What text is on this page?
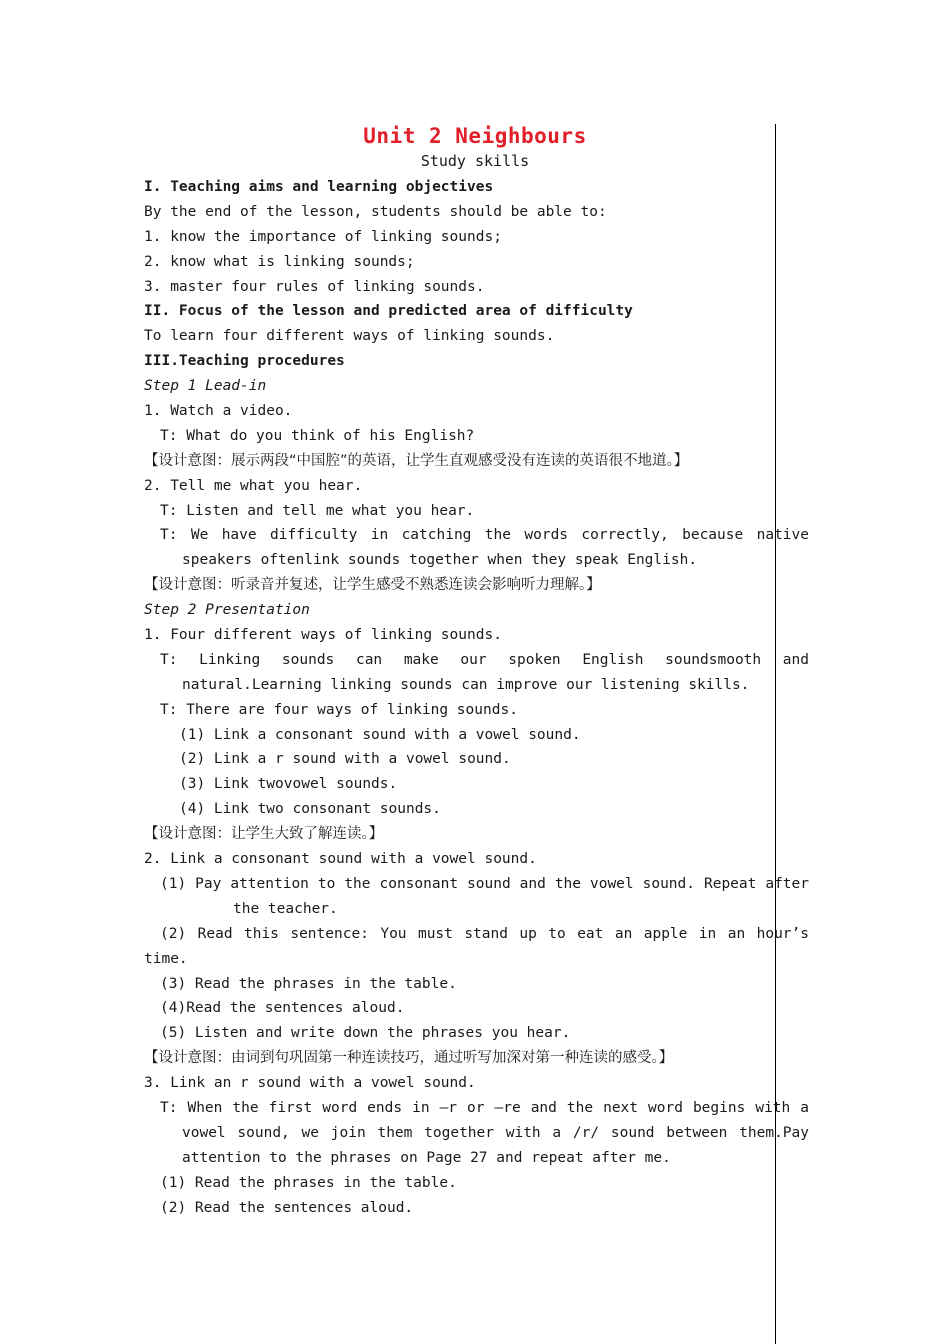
Unit 2 Neighbours
Study skills
I. Teaching aims and learning objectives
By the end of the lesson, students should be able to:
1. know the importance of linking sounds;
2. know what is linking sounds;
3. master four rules of linking sounds.
II. Focus of the lesson and predicted area of difficulty
To learn four different ways of linking sounds.
III.Teaching procedures
Step 1 Lead-in
1. Watch a video.
T: What do you think of his English?
【设计意图：展示两段“中国腔”的英语，让学生直观感受没有连读的英语很不地道。】
2. Tell me what you hear.
T: Listen and tell me what you hear.
T: We have difficulty in catching the words correctly, because native
speakers oftenlink sounds together when they speak English.
【设计意图：听录音并复述，让学生感受不熟悉连读会影响听力理解。】
Step 2 Presentation
1. Four different ways of linking sounds.
T: Linking sounds can make our spoken English soundsmooth and
natural.Learning linking sounds can improve our listening skills.
T: There are four ways of linking sounds.
(1) Link a consonant sound with a vowel sound.
(2) Link a r sound with a vowel sound.
(3) Link twovowel sounds.
(4) Link two consonant sounds.
【设计意图：让学生大致了解连读。】
2. Link a consonant sound with a vowel sound.
(1) Pay attention to the consonant sound and the vowel sound. Repeat after
the teacher.
(2) Read this sentence: You must stand up to eat an apple in an hour’s
time.
(3) Read the phrases in the table.
(4)Read the sentences aloud.
(5) Listen and write down the phrases you hear.
【设计意图：由词到句巩固第一种连读技巧，通过听写加深对第一种连读的感受。】
3. Link an r sound with a vowel sound.
T: When the first word ends in –r or –re and the next word begins with a
vowel sound, we join them together with a /r/ sound between them.Pay
attention to the phrases on Page 27 and repeat after me.
(1) Read the phrases in the table.
(2) Read the sentences aloud.
